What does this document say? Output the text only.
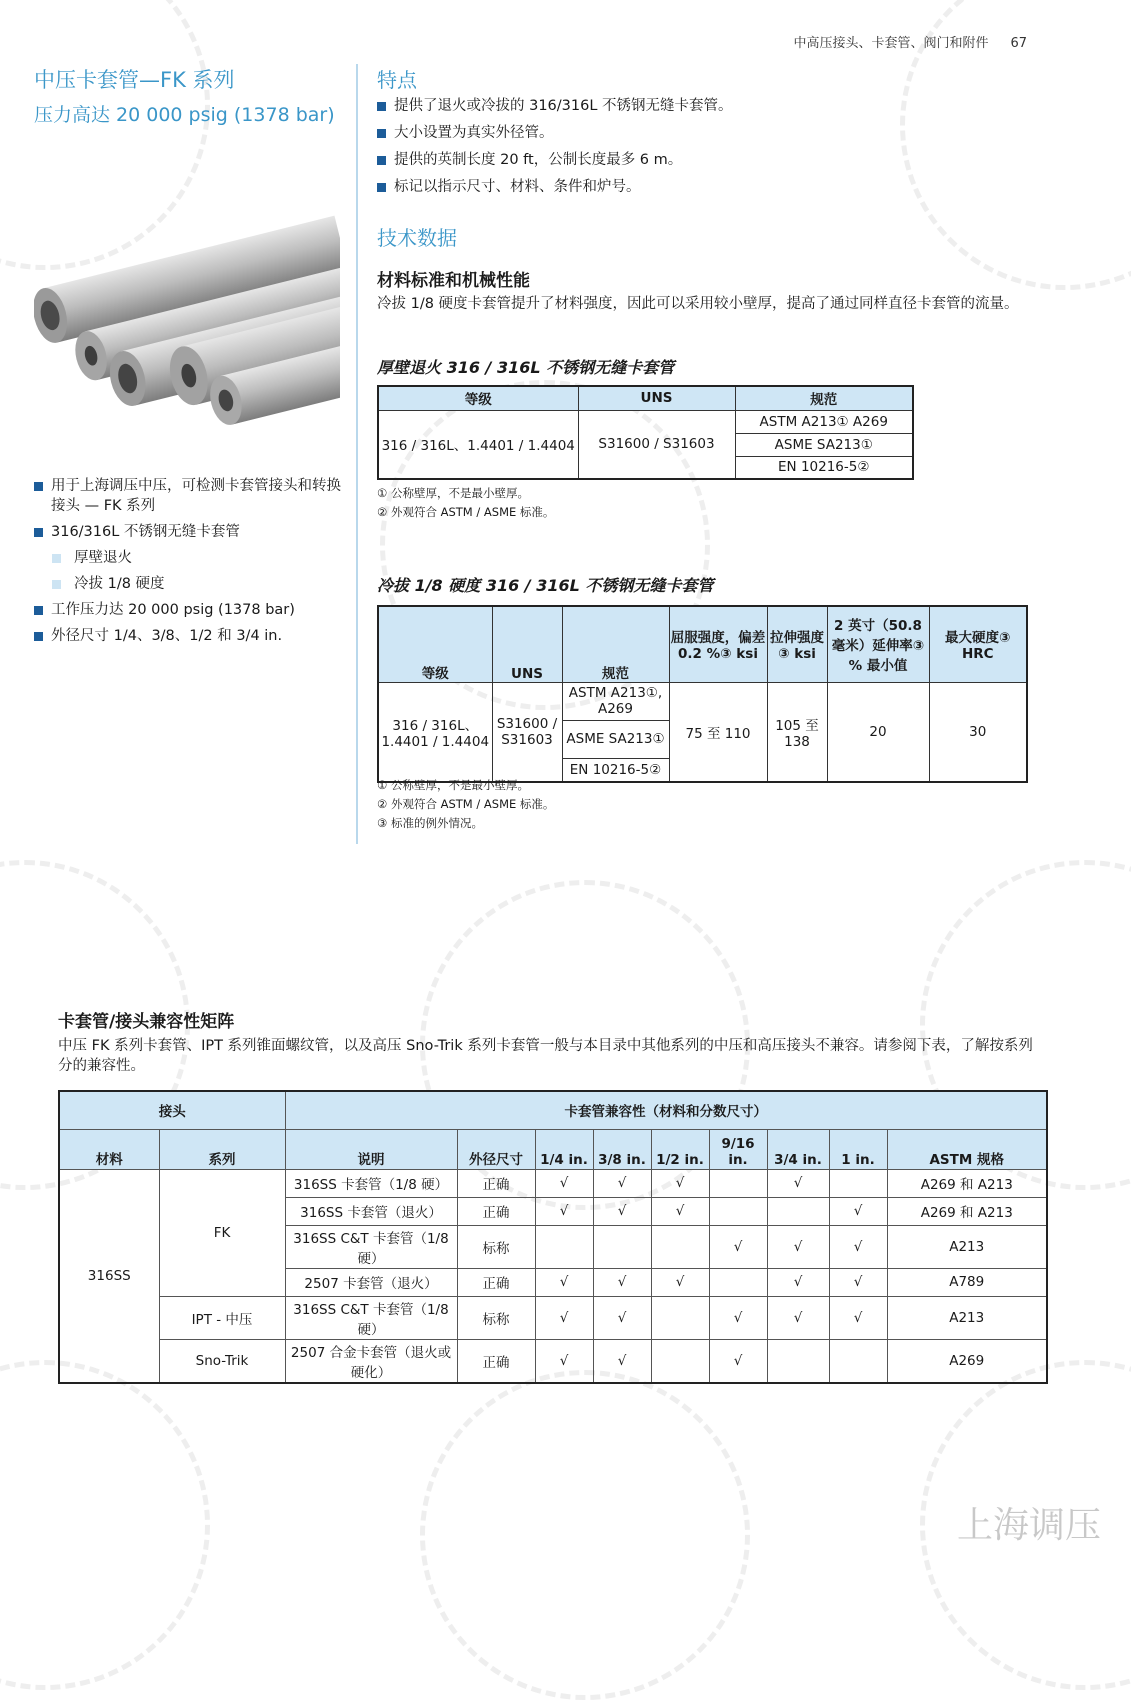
中高压接头、卡套管、阀门和附件 67
中压卡套管—FK 系列
压力高达 20 000 psig (1378 bar)
用于上海调压中压，可检测卡套管接头和转换接头 — FK 系列
316/316L 不锈钢无缝卡套管
厚壁退火
冷拔 1/8 硬度
工作压力达 20 000 psig (1378 bar)
外径尺寸 1/4、3/8、1/2 和 3/4 in.
特点
提供了退火或冷拔的 316/316L 不锈钢无缝卡套管。
大小设置为真实外径管。
提供的英制长度 20 ft，公制长度最多 6 m。
标记以指示尺寸、材料、条件和炉号。
技术数据
材料标准和机械性能
冷拔 1/8 硬度卡套管提升了材料强度，因此可以采用较小壁厚，提高了通过同样直径卡套管的流量。
厚壁退火 316 / 316L 不锈钢无缝卡套管
等级	UNS	规范
316 / 316L、1.4401 / 1.4404	S31600 / S31603	ASTM A213① A269
		ASME SA213①
		EN 10216-5②
① 公称壁厚，不是最小壁厚。
② 外观符合 ASTM / ASME 标准。
冷拔 1/8 硬度 316 / 316L 不锈钢无缝卡套管
等级	UNS	规范	屈服强度，偏差 0.2 %③ ksi	拉伸强度③ ksi	2 英寸（50.8 毫米）延伸率③ % 最小值	最大硬度③ HRC
316 / 316L、1.4401 / 1.4404	S31600 / S31603	ASTM A213①, A269	75 至 110	105 至 138	20	30
		ASME SA213①				
		EN 10216-5②				
① 公称壁厚，不是最小壁厚。
② 外观符合 ASTM / ASME 标准。
③ 标准的例外情况。
卡套管/接头兼容性矩阵
中压 FK 系列卡套管、IPT 系列锥面螺纹管，以及高压 Sno-Trik 系列卡套管一般与本目录中其他系列的中压和高压接头不兼容。请参阅下表，了解按系列分的兼容性。
接头		卡套管兼容性（材料和分数尺寸）								
材料	系列	说明	外径尺寸	1/4 in.	3/8 in.	1/2 in.	9/16 in.	3/4 in.	1 in.	ASTM 规格
316SS	FK	316SS 卡套管（1/8 硬）	正确	√	√	√		√		A269 和 A213
		316SS 卡套管（退火）	正确	√	√	√			√	A269 和 A213
		316SS C&T 卡套管（1/8 硬）	标称				√	√	√	A213
		2507 卡套管（退火）	正确	√	√	√		√	√	A789
	IPT - 中压	316SS C&T 卡套管（1/8 硬）	标称	√	√		√	√	√	A213
	Sno-Trik	2507 合金卡套管（退火或硬化）	正确	√	√		√			A269
上海调压
